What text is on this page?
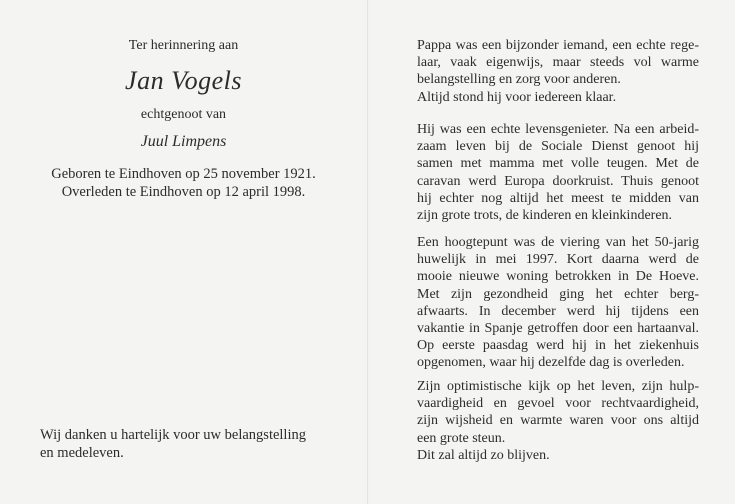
Ter herinnering aan
Jan Vogels
echtgenoot van
Juul Limpens
Geboren te Eindhoven op 25 november 1921.
Overleden te Eindhoven op 12 april 1998.
Wij danken u hartelijk voor uw belangstelling
en medeleven.
Pappa was een bijzonder iemand, een echte rege-
laar, vaak eigenwijs, maar steeds vol warme
belangstelling en zorg voor anderen.
Altijd stond hij voor iedereen klaar.
Hij was een echte levensgenieter. Na een arbeid-
zaam leven bij de Sociale Dienst genoot hij
samen met mamma met volle teugen. Met de
caravan werd Europa doorkruist. Thuis genoot
hij echter nog altijd het meest te midden van
zijn grote trots, de kinderen en kleinkinderen.
Een hoogtepunt was de viering van het 50-jarig
huwelijk in mei 1997. Kort daarna werd de
mooie nieuwe woning betrokken in De Hoeve.
Met zijn gezondheid ging het echter berg-
afwaarts. In december werd hij tijdens een
vakantie in Spanje getroffen door een hartaanval.
Op eerste paasdag werd hij in het ziekenhuis
opgenomen, waar hij dezelfde dag is overleden.
Zijn optimistische kijk op het leven, zijn hulp-
vaardigheid en gevoel voor rechtvaardigheid,
zijn wijsheid en warmte waren voor ons altijd
een grote steun.
Dit zal altijd zo blijven.
